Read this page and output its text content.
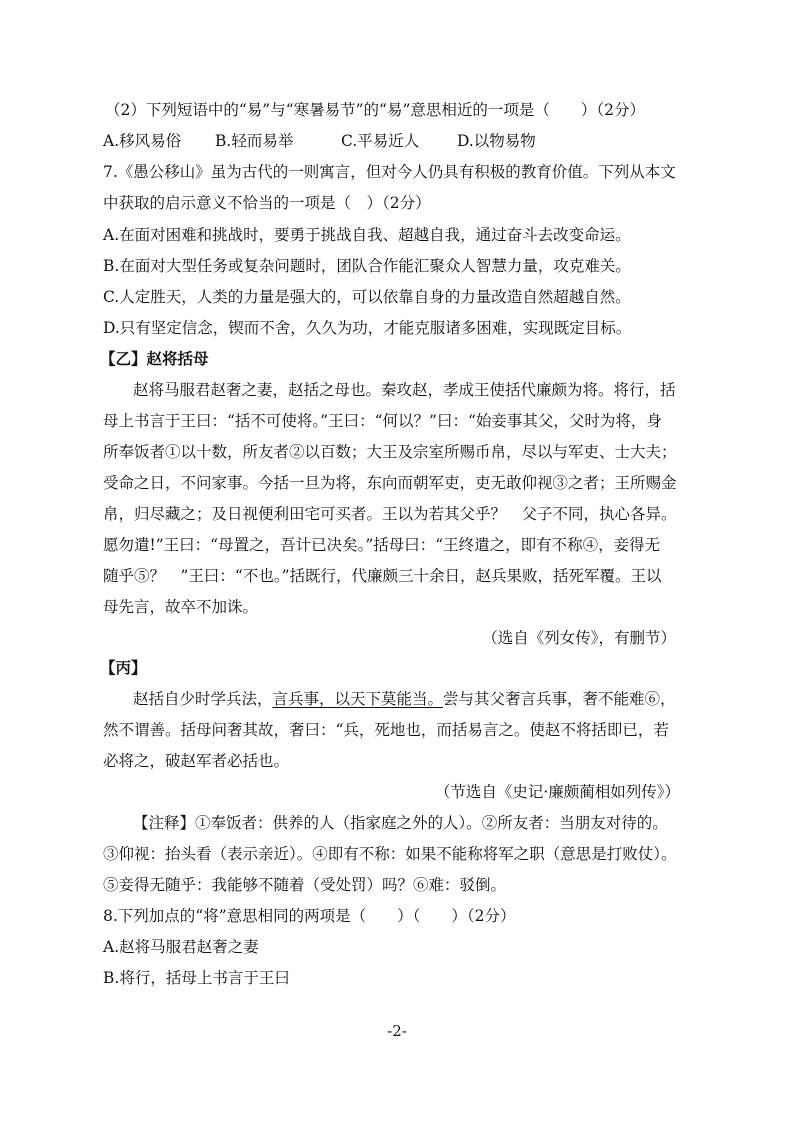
（2）下列短语中的“易”与“寒暑易节”的“易”意思相近的一项是（　　）（2分）
A.移风易俗 B.轻而易举	C.平易近人 D.以物易物
7.《愚公移山》虽为古代的一则寓言，但对今人仍具有积极的教育价值。下列从本文
中获取的启示意义不恰当的一项是（　）（2分）
A.在面对困难和挑战时，要勇于挑战自我、超越自我，通过奋斗去改变命运。
B.在面对大型任务或复杂问题时，团队合作能汇聚众人智慧力量，攻克难关。
C.人定胜天，人类的力量是强大的，可以依靠自身的力量改造自然超越自然。
D.只有坚定信念，锲而不舍，久久为功，才能克服诸多困难，实现既定目标。
【乙】赵将括母
赵将马服君赵奢之妻，赵括之母也。秦攻赵，孝成王使括代廉颇为将。将行，括
母上书言于王曰：“括不可使将。”王曰：“何以？”曰：“始妾事其父，父时为将，身
所奉饭者①以十数，所友者②以百数；大王及宗室所赐币帛，尽以与军吏、士大夫；
受命之日，不问家事。今括一旦为将，东向而朝军吏，吏无敢仰视③之者；王所赐金
帛，归尽藏之；及日视便利田宅可买者。王以为若其父乎？　父子不同，执心各异。
愿勿遣!”王曰：“母置之，吾计已决矣。”括母曰：“王终遣之，即有不称④，妾得无
随乎⑤？　”王曰：“不也。”括既行，代廉颇三十余日，赵兵果败，括死军覆。王以
母先言，故卒不加诛。
（选自《列女传》，有删节）
【丙】
赵括自少时学兵法，言兵事，以天下莫能当。尝与其父奢言兵事，奢不能难⑥，
然不谓善。括母问奢其故，奢曰：“兵，死地也，而括易言之。使赵不将括即已，若
必将之，破赵军者必括也。
（节选自《史记·廉颇蔺相如列传》）
【注释】①奉饭者：供养的人（指家庭之外的人）。②所友者：当朋友对待的。
③仰视：抬头看（表示亲近）。④即有不称：如果不能称将军之职（意思是打败仗）。
⑤妾得无随乎：我能够不随着（受处罚）吗？⑥难：驳倒。
8.下列加点的“将”意思相同的两项是（　　）（　　）（2分）
A.赵将马服君赵奢之妻
B.将行，括母上书言于王曰
-2-
